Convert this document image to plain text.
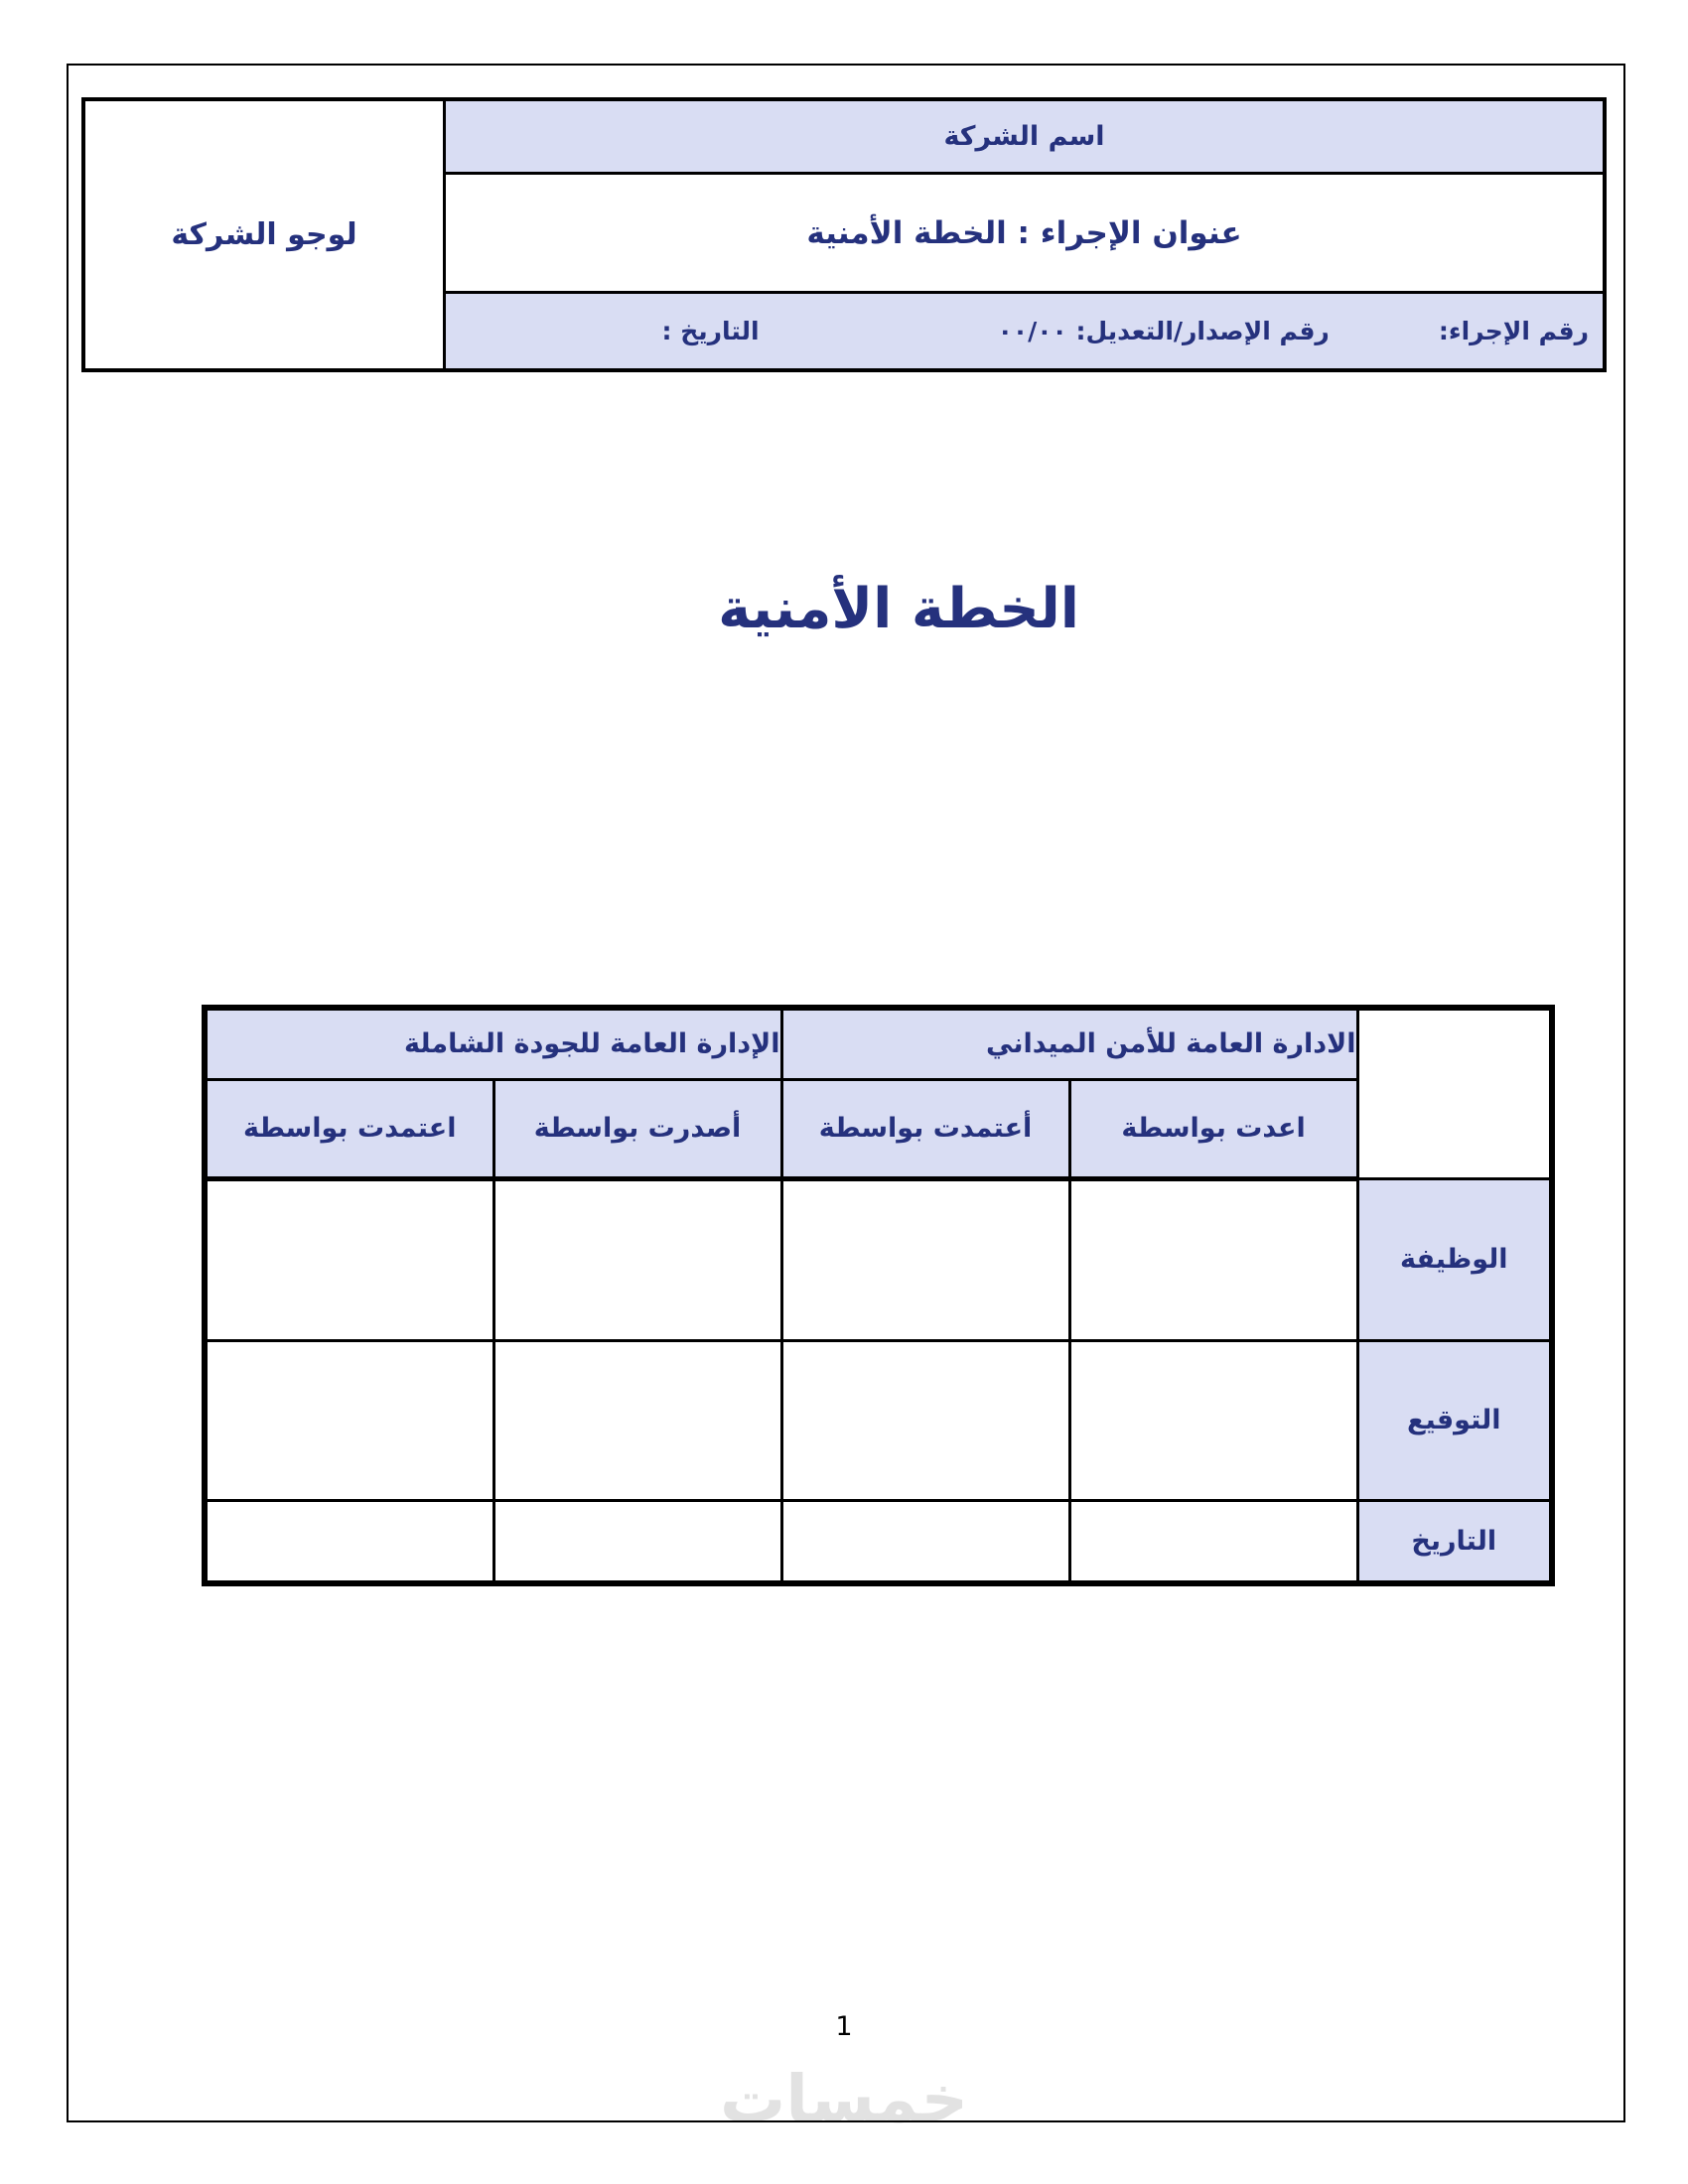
خمسات
لوجو الشركة
اسم الشركة
عنوان الإجراء : الخطة الأمنية
رقم الإجراء:
رقم الإصدار/التعديل: ٠٠/٠٠
التاريخ :
الخطة الأمنية
	الادارة العامة للأمن الميداني		الإدارة العامة للجودة الشاملة	
	اعدت بواسطة	أعتمدت بواسطة	أصدرت بواسطة	اعتمدت بواسطة
الوظيفة				
التوقيع				
التاريخ				
1
